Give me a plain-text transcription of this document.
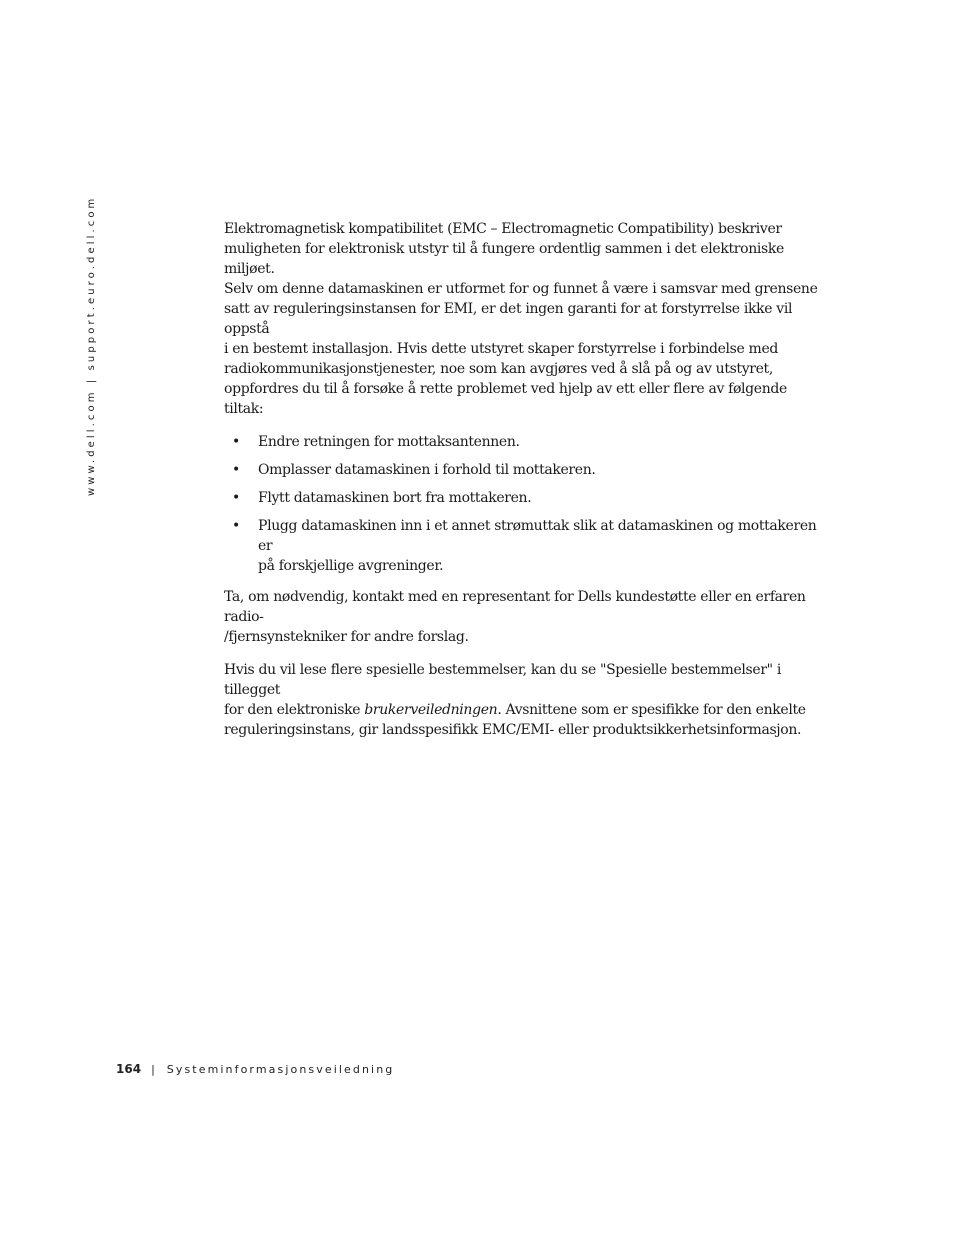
www.dell.com | support.euro.dell.com	Elektromagnetisk kompatibilitet (EMC – Electromagnetic Compatibility) beskriver
muligheten for elektronisk utstyr til å fungere ordentlig sammen i det elektroniske miljøet.
Selv om denne datamaskinen er utformet for og funnet å være i samsvar med grensene
satt av reguleringsinstansen for EMI, er det ingen garanti for at forstyrrelse ikke vil oppstå
i en bestemt installasjon. Hvis dette utstyret skaper forstyrrelse i forbindelse med
radiokommunikasjonstjenester, noe som kan avgjøres ved å slå på og av utstyret,
oppfordres du til å forsøke å rette problemet ved hjelp av ett eller flere av følgende tiltak:

• Endre retningen for mottaksantennen.
• Omplasser datamaskinen i forhold til mottakeren.
• Flytt datamaskinen bort fra mottakeren.
• Plugg datamaskinen inn i et annet strømuttak slik at datamaskinen og mottakeren er
på forskjellige avgreninger.

Ta, om nødvendig, kontakt med en representant for Dells kundestøtte eller en erfaren radio-
/fjernsynstekniker for andre forslag.

Hvis du vil lese flere spesielle bestemmelser, kan du se "Spesielle bestemmelser" i tillegget
for den elektroniske brukerveiledningen. Avsnittene som er spesifikke for den enkelte
reguleringsinstans, gir landsspesifikk EMC/EMI- eller produktsikkerhetsinformasjon.

164 | Systeminformasjonsveiledning
